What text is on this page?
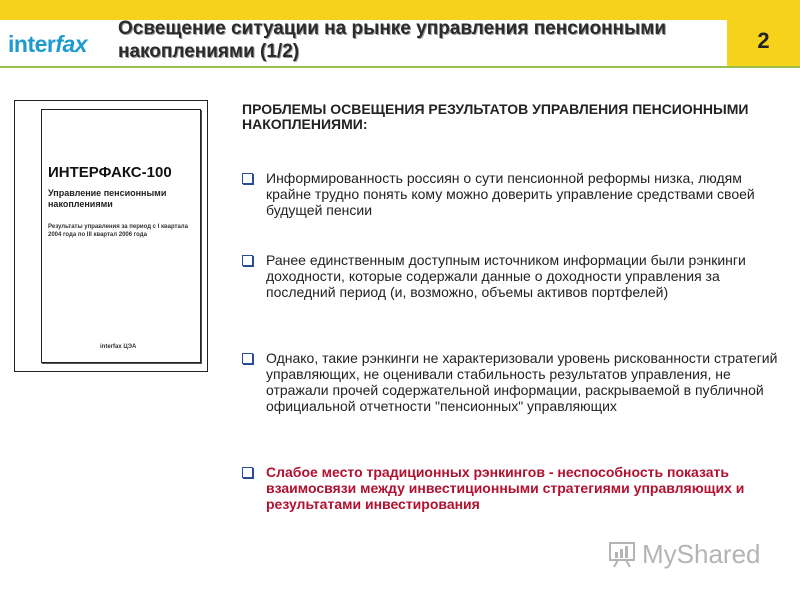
interfax
Освещение ситуации на рынке управления пенсионными накоплениями (1/2)	2
ИНТЕРФАКС-100
Управление пенсионными накоплениями
Результаты управления за период с I квартала 2004 года по III квартал 2006 года
interfax ЦЭА
ПРОБЛЕМЫ ОСВЕЩЕНИЯ РЕЗУЛЬТАТОВ УПРАВЛЕНИЯ ПЕНСИОННЫМИ НАКОПЛЕНИЯМИ:
Информированность россиян о сути пенсионной реформы низка, людям крайне трудно понять кому можно доверить управление средствами своей будущей пенсии
Ранее единственным доступным источником информации были рэнкинги доходности, которые содержали данные о доходности управления за последний период (и, возможно, объемы активов портфелей)
Однако, такие рэнкинги не характеризовали уровень рискованности стратегий управляющих, не оценивали стабильность результатов управления, не отражали прочей содержательной информации, раскрываемой в публичной официальной отчетности "пенсионных" управляющих
Слабое место традиционных рэнкингов - неспособность показать взаимосвязи между инвестиционными стратегиями управляющих и результатами инвестирования
MyShared
